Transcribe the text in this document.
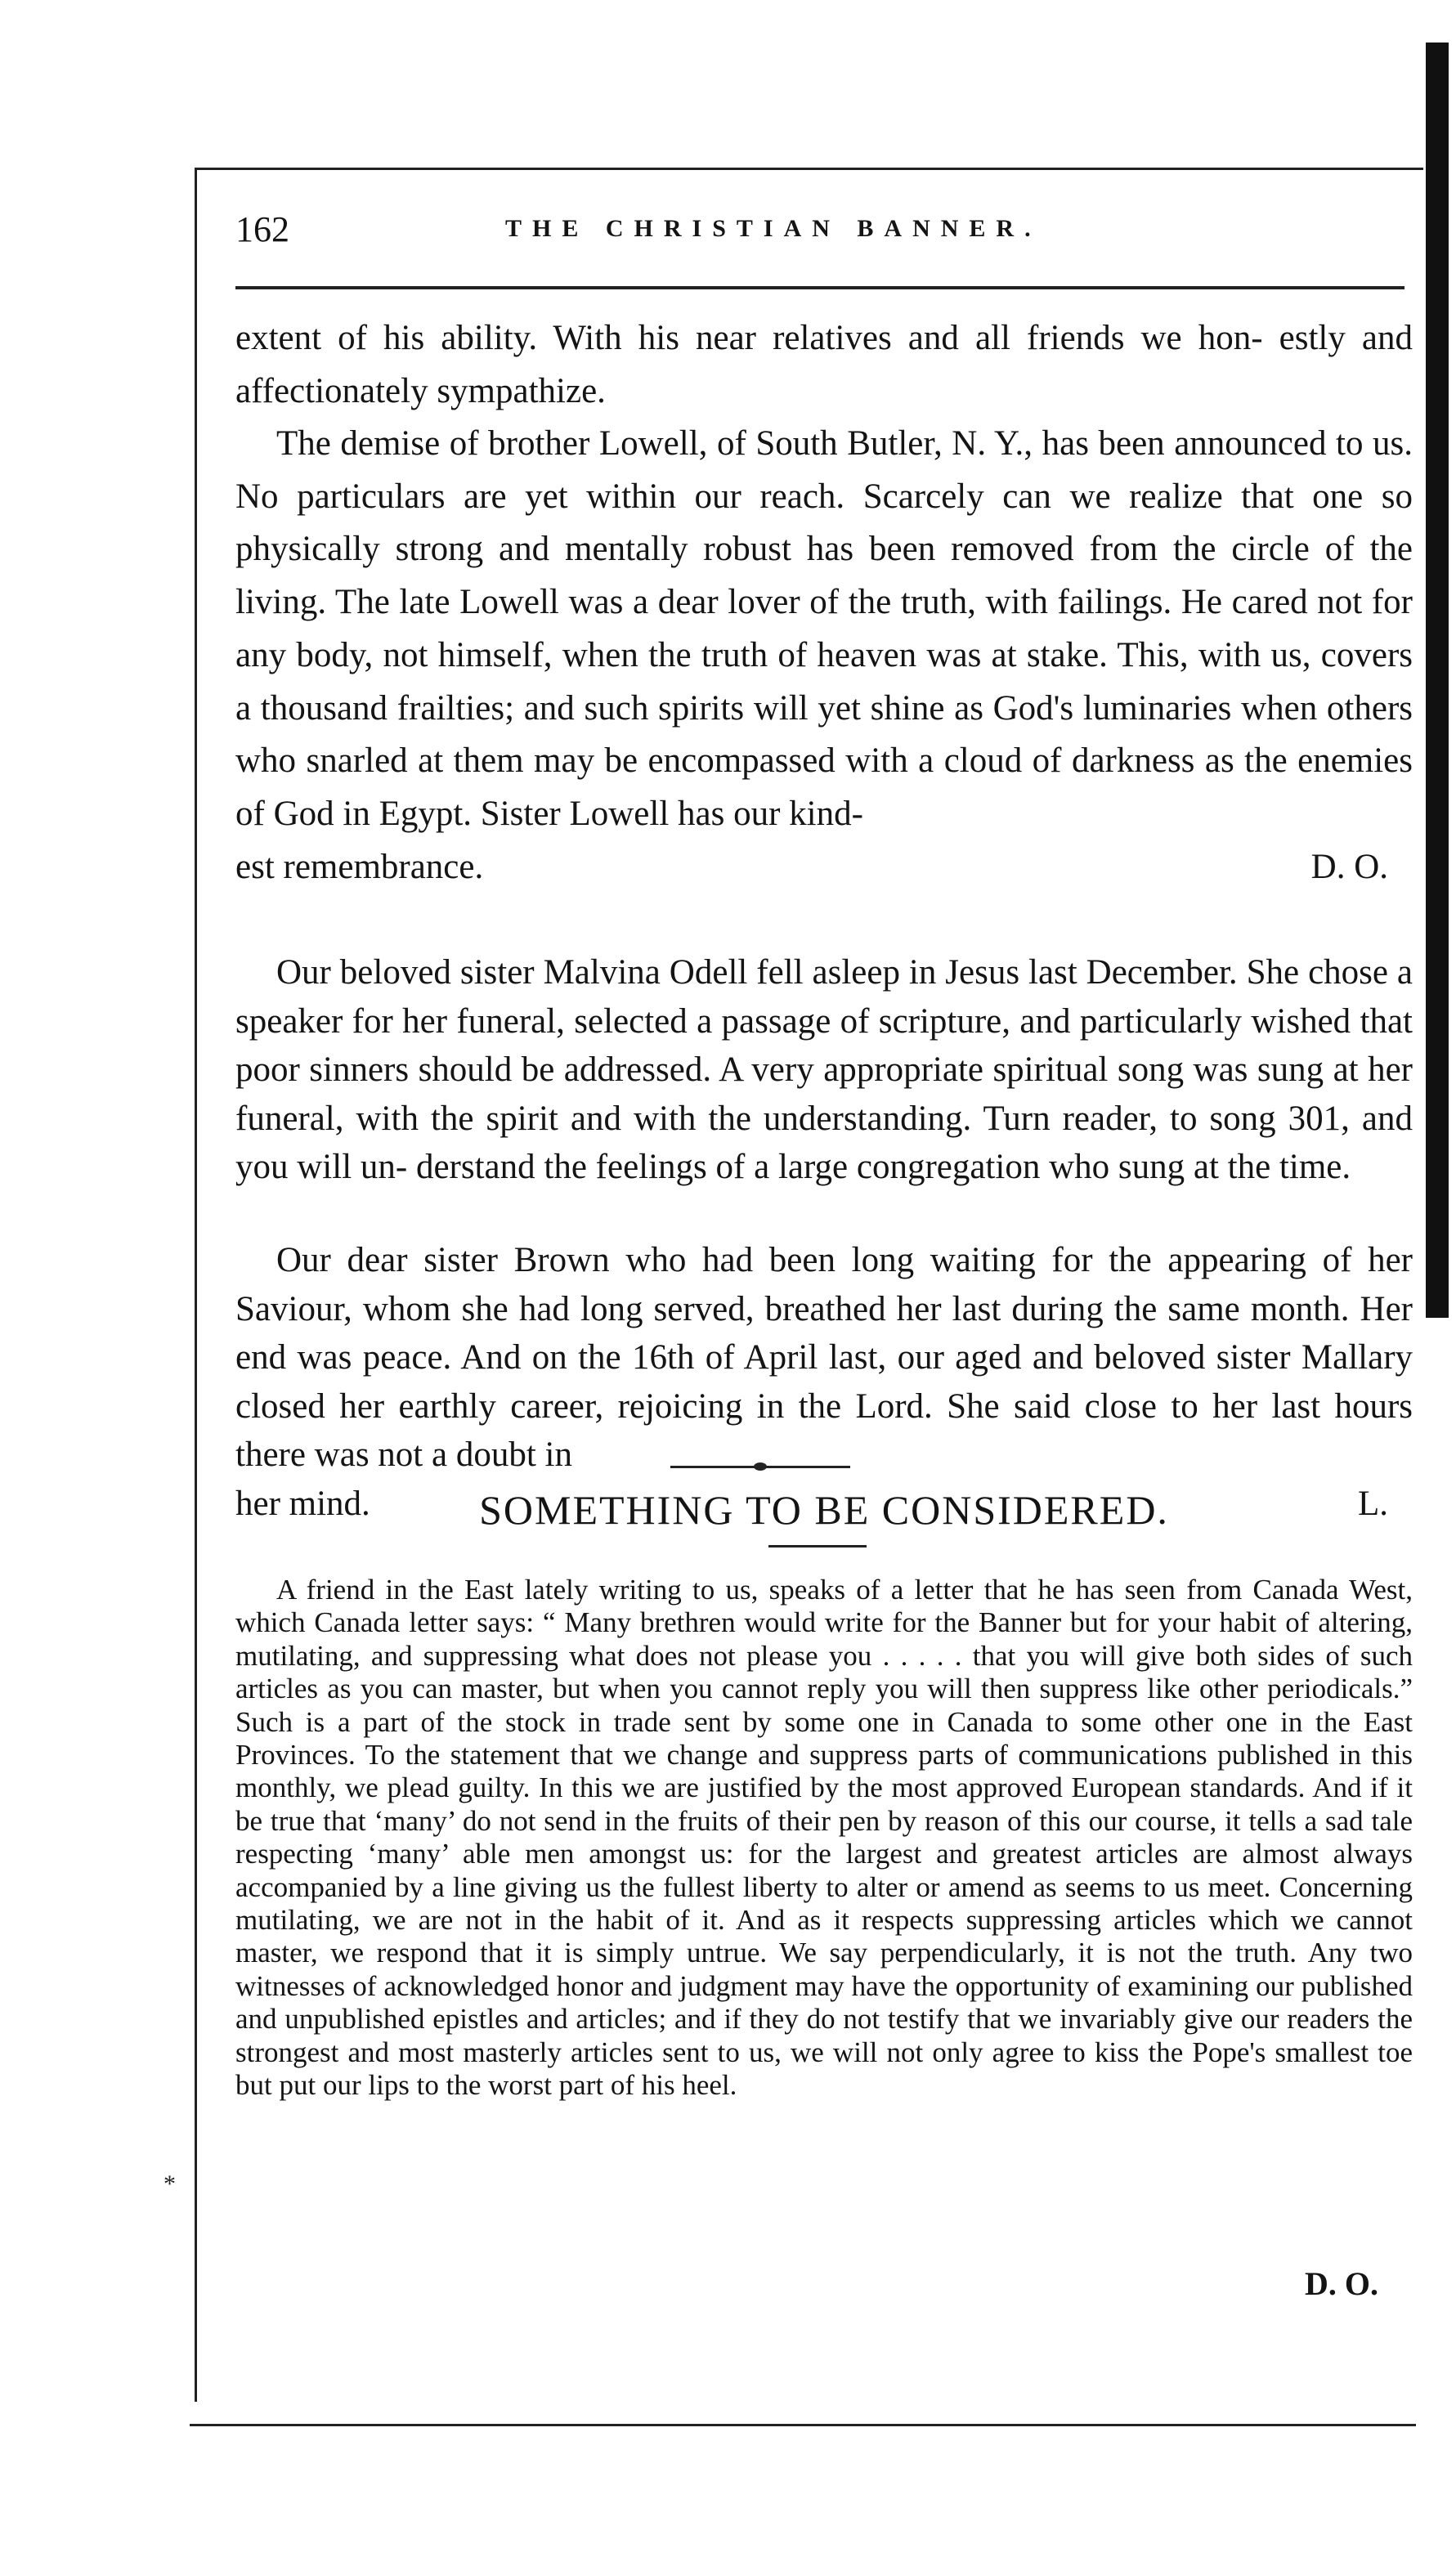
162	THE CHRISTIAN BANNER.

extent of his ability. With his near relatives and all friends we hon- estly and affectionately sympathize.

The demise of brother Lowell, of South Butler, N. Y., has been announced to us. No particulars are yet within our reach. Scarcely can we realize that one so physically strong and mentally robust has been removed from the circle of the living. The late Lowell was a dear lover of the truth, with failings. He cared not for any body, not himself, when the truth of heaven was at stake. This, with us, covers a thousand frailties; and such spirits will yet shine as God's luminaries when others who snarled at them may be encompassed with a cloud of darkness as the enemies of God in Egypt. Sister Lowell has our kind-

est remembrance.	D. O.

Our beloved sister Malvina Odell fell asleep in Jesus last December. She chose a speaker for her funeral, selected a passage of scripture, and particularly wished that poor sinners should be addressed. A very appropriate spiritual song was sung at her funeral, with the spirit and with the understanding. Turn reader, to song 301, and you will un- derstand the feelings of a large congregation who sung at the time.

Our dear sister Brown who had been long waiting for the appearing of her Saviour, whom she had long served, breathed her last during the same month. Her end was peace. And on the 16th of April last, our aged and beloved sister Mallary closed her earthly career, rejoicing in the Lord. She said close to her last hours there was not a doubt in

her mind.	L.
SOMETHING TO BE CONSIDERED.

A friend in the East lately writing to us, speaks of a letter that he has seen from Canada West, which Canada letter says: “ Many brethren would write for the Banner but for your habit of altering, mutilating, and suppressing what does not please you . . . . . that you will give both sides of such articles as you can master, but when you cannot reply you will then suppress like other periodicals.” Such is a part of the stock in trade sent by some one in Canada to some other one in the East Provinces. To the statement that we change and suppress parts of communications published in this monthly, we plead guilty. In this we are justified by the most approved European standards. And if it be true that ‘many’ do not send in the fruits of their pen by reason of this our course, it tells a sad tale respecting ‘many’ able men amongst us: for the largest and greatest articles are almost always accompanied by a line giving us the fullest liberty to alter or amend as seems to us meet. Concerning mutilating, we are not in the habit of it. And as it respects suppressing articles which we cannot master, we respond that it is simply untrue. We say perpendicularly, it is not the truth. Any two witnesses of acknowledged honor and judgment may have the opportunity of examining our published and unpublished epistles and articles; and if they do not testify that we invariably give our readers the strongest and most masterly articles sent to us, we will not only agree to kiss the Pope's smallest toe but put our lips to the worst part of his heel.

D. O.
*
